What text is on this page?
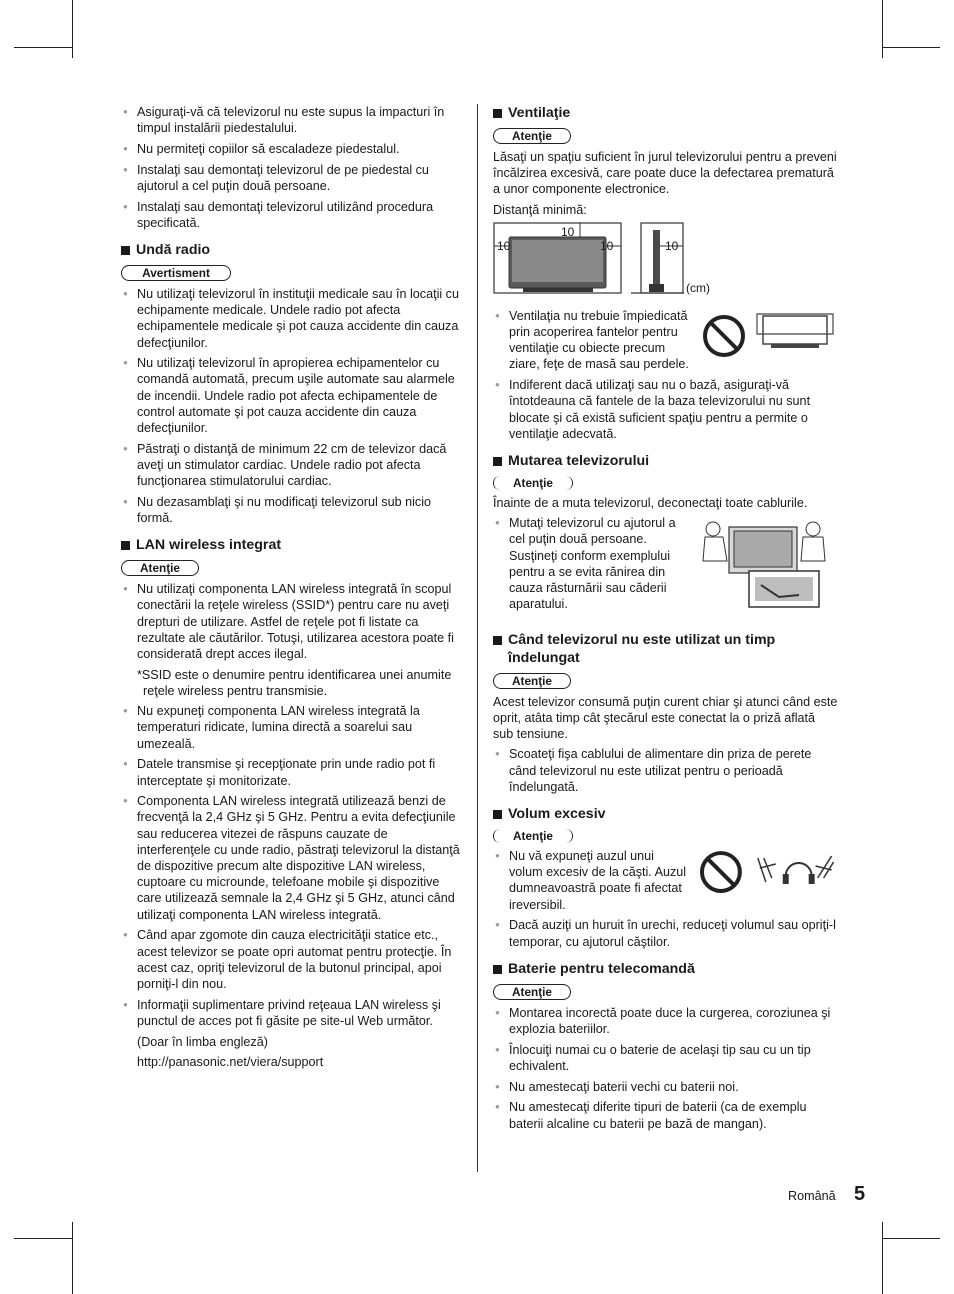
● Asiguraţi-vă că televizorul nu este supus la impacturi în timpul instalării piedestalului.
● Nu permiteţi copiilor să escaladeze piedestalul.
● Instalaţi sau demontaţi televizorul de pe piedestal cu ajutorul a cel puţin două persoane.
● Instalaţi sau demontaţi televizorul utilizând procedura specificată.
Undă radio
Avertisment
● Nu utilizaţi televizorul în instituţii medicale sau în locaţii cu echipamente medicale. Undele radio pot afecta echipamentele medicale şi pot cauza accidente din cauza defecţiunilor.
● Nu utilizaţi televizorul în apropierea echipamentelor cu comandă automată, precum uşile automate sau alarmele de incendii. Undele radio pot afecta echipamentele de control automate şi pot cauza accidente din cauza defecţiunilor.
● Păstraţi o distanţă de minimum 22 cm de televizor dacă aveţi un stimulator cardiac. Undele radio pot afecta funcţionarea stimulatorului cardiac.
● Nu dezasamblaţi şi nu modificaţi televizorul sub nicio formă.
LAN wireless integrat
Atenţie
● Nu utilizaţi componenta LAN wireless integrată în scopul conectării la reţele wireless (SSID*) pentru care nu aveţi drepturi de utilizare. Astfel de reţele pot fi listate ca rezultate ale căutărilor. Totuşi, utilizarea acestora poate fi considerată drept acces ilegal.
*SSID este o denumire pentru identificarea unei anumite reţele wireless pentru transmisie.
● Nu expuneţi componenta LAN wireless integrată la temperaturi ridicate, lumina directă a soarelui sau umezeală.
● Datele transmise şi recepţionate prin unde radio pot fi interceptate şi monitorizate.
● Componenta LAN wireless integrată utilizează benzi de frecvenţă la 2,4 GHz şi 5 GHz. Pentru a evita defecţiunile sau reducerea vitezei de răspuns cauzate de interferenţele cu unde radio, păstraţi televizorul la distanţă de dispozitive precum alte dispozitive LAN wireless, cuptoare cu microunde, telefoane mobile şi dispozitive care utilizează semnale la 2,4 GHz şi 5 GHz, atunci când utilizaţi componenta LAN wireless integrată.
● Când apar zgomote din cauza electricităţii statice etc., acest televizor se poate opri automat pentru protecţie. În acest caz, opriţi televizorul de la butonul principal, apoi porniţi-l din nou.
● Informaţii suplimentare privind reţeaua LAN wireless şi punctul de acces pot fi găsite pe site-ul Web următor.
(Doar în limba engleză)
http://panasonic.net/viera/support
Ventilaţie
Atenţie
Lăsaţi un spaţiu suficient în jurul televizorului pentru a preveni încălzirea excesivă, care poate duce la defectarea prematură a unor componente electronice.
Distanţă minimă:
10
10	10	10
(cm)
● Ventilaţia nu trebuie împiedicată prin acoperirea fantelor pentru ventilaţie cu obiecte precum ziare, feţe de masă sau perdele.
● Indiferent dacă utilizaţi sau nu o bază, asiguraţi-vă întotdeauna că fantele de la baza televizorului nu sunt blocate şi că există suficient spaţiu pentru a permite o ventilaţie adecvată.
Mutarea televizorului
Atenţie
Înainte de a muta televizorul, deconectaţi toate cablurile.
● Mutaţi televizorul cu ajutorul a cel puţin două persoane. Susţineţi conform exemplului pentru a se evita rănirea din cauza răsturnării sau căderii aparatului.
Când televizorul nu este utilizat un timp îndelungat
Atenţie
Acest televizor consumă puţin curent chiar şi atunci când este oprit, atâta timp cât ştecărul este conectat la o priză aflată sub tensiune.
● Scoateţi fişa cablului de alimentare din priza de perete când televizorul nu este utilizat pentru o perioadă îndelungată.
Volum excesiv
Atenţie
● Nu vă expuneţi auzul unui volum excesiv de la căşti. Auzul dumneavoastră poate fi afectat ireversibil.
● Dacă auziţi un huruit în urechi, reduceţi volumul sau opriţi-l temporar, cu ajutorul căştilor.
Baterie pentru telecomandă
Atenţie
● Montarea incorectă poate duce la curgerea, coroziunea şi explozia bateriilor.
● Înlocuiţi numai cu o baterie de acelaşi tip sau cu un tip echivalent.
● Nu amestecaţi baterii vechi cu baterii noi.
● Nu amestecaţi diferite tipuri de baterii (ca de exemplu baterii alcaline cu baterii pe bază de mangan).
Română 5
